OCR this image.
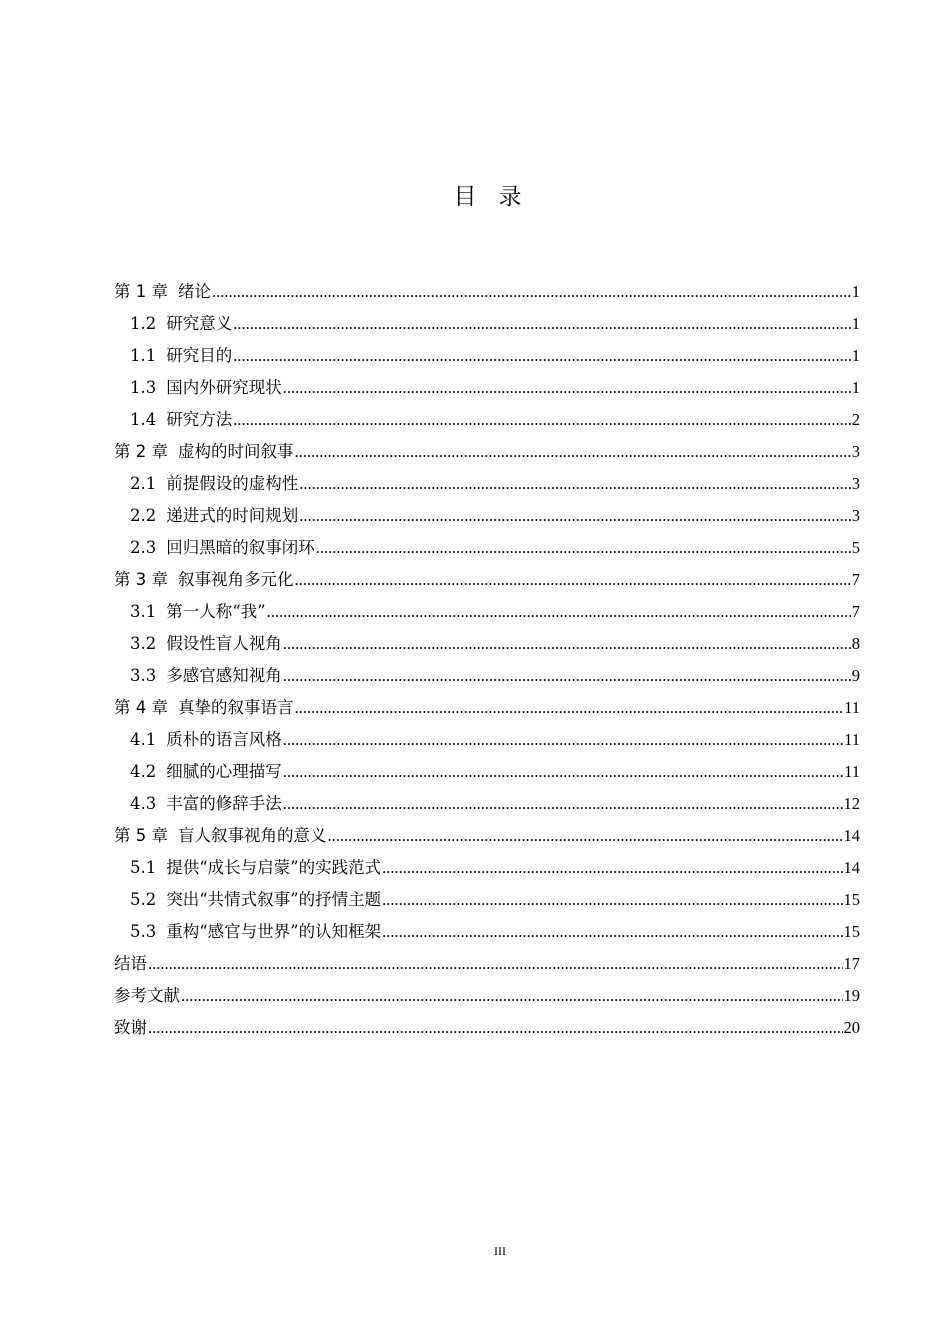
目 录
第 1 章 绪论 .....	1
1.2 研究意义 .....	1
1.1 研究目的 .....	1
1.3 国内外研究现状 .....	1
1.4 研究方法 .....	2
第 2 章 虚构的时间叙事 .....	3
2.1 前提假设的虚构性 .....	3
2.2 递进式的时间规划 .....	3
2.3 回归黑暗的叙事闭环 .....	5
第 3 章 叙事视角多元化 .....	7
3.1 第一人称“我” .....	7
3.2 假设性盲人视角 .....	8
3.3 多感官感知视角 .....	9
第 4 章 真挚的叙事语言 .....	11
4.1 质朴的语言风格 .....	11
4.2 细腻的心理描写 .....	11
4.3 丰富的修辞手法 .....	12
第 5 章 盲人叙事视角的意义 .....	14
5.1 提供“成长与启蒙”的实践范式 .....	14
5.2 突出“共情式叙事”的抒情主题 .....	15
5.3 重构“感官与世界”的认知框架 .....	15
结语 .....	17
参考文献 .....	19
致谢 .....	20
III
